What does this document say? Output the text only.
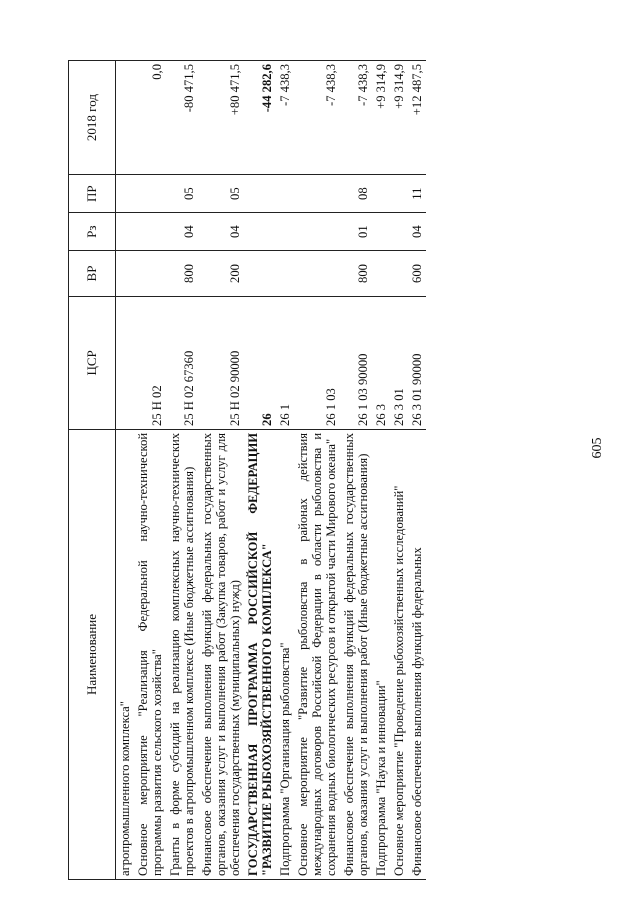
605
Наименование	ЦСР	ВР	Рз	ПР	2018 год
агропромышленного комплекса"					
Основное мероприятие "Реализация Федеральной научно-технической программы развития сельского хозяйства"	25 Н 02				0,0
Гранты в форме субсидий на реализацию комплексных научно-технических проектов в агропромышленном комплексе (Иные бюджетные ассигнования)	25 Н 02 67360	800	04	05	-80 471,5
Финансовое обеспечение выполнения функций федеральных государственных органов, оказания услуг и выполнения работ (Закупка товаров, работ и услуг для обеспечения государственных (муниципальных) нужд)	25 Н 02 90000	200	04	05	+80 471,5
ГОСУДАРСТВЕННАЯ ПРОГРАММА РОССИЙСКОЙ ФЕДЕРАЦИИ "РАЗВИТИЕ РЫБОХОЗЯЙСТВЕННОГО КОМПЛЕКСА"	26				-44 282,6
Подпрограмма "Организация рыболовства"	26 1				-7 438,3
Основное мероприятие "Развитие рыболовства в районах действия международных договоров Российской Федерации в области рыболовства и сохранения водных биологических ресурсов и открытой части Мирового океана"	26 1 03				-7 438,3
Финансовое обеспечение выполнения функций федеральных государственных органов, оказания услуг и выполнения работ (Иные бюджетные ассигнования)	26 1 03 90000	800	01	08	-7 438,3
Подпрограмма "Наука и инновации"	26 3				+9 314,9
Основное мероприятие "Проведение рыбохозяйственных исследований"	26 3 01				+9 314,9
Финансовое обеспечение выполнения функций федеральных	26 3 01 90000	600	04	11	+12 487,5
